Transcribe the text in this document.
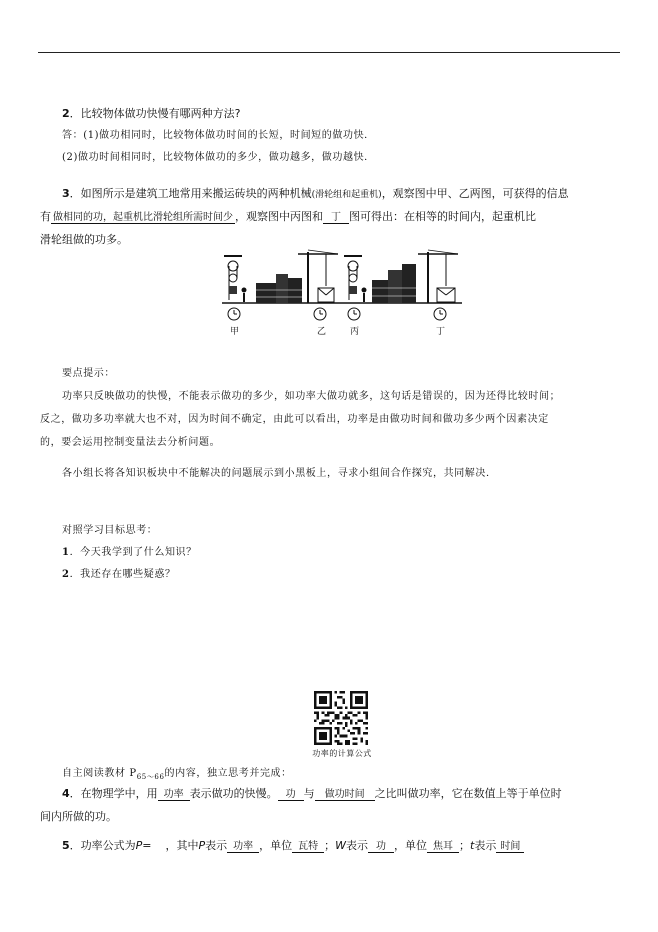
2．比较物体做功快慢有哪两种方法?
答：(1)做功相同时，比较物体做功时间的长短，时间短的做功快．
(2)做功时间相同时，比较物体做功的多少，做功越多，做功越快．
3．如图所示是建筑工地常用来搬运砖块的两种机械(滑轮组和起重机)，观察图中甲、乙两图，可获得的信息
有 做相同的功，起重机比滑轮组所需时间少 ，观察图中丙图和 丁 图可得出：在相等的时间内，起重机比
滑轮组做的功多。
甲	乙	丙	丁
要点提示：
功率只反映做功的快慢，不能表示做功的多少，如功率大做功就多，这句话是错误的，因为还得比较时间；
反之，做功多功率就大也不对，因为时间不确定，由此可以看出，功率是由做功时间和做功多少两个因素决定
的，要会运用控制变量法去分析问题。
各小组长将各知识板块中不能解决的问题展示到小黑板上，寻求小组间合作探究，共同解决．
对照学习目标思考：
1．今天我学到了什么知识？
2．我还存在哪些疑惑？
功率的计算公式
自主阅读教材 $P_{65\sim 66}$的内容，独立思考并完成：
4．在物理学中，用 功率 表示做功的快慢。 功 与 做功时间 之比叫做功率，它在数值上等于单位时
间内所做的功。
5．功率公式为P= ，其中P表示 功率 ，单位 瓦特 ；W表示 功 ，单位 焦耳 ；t表示 时间
